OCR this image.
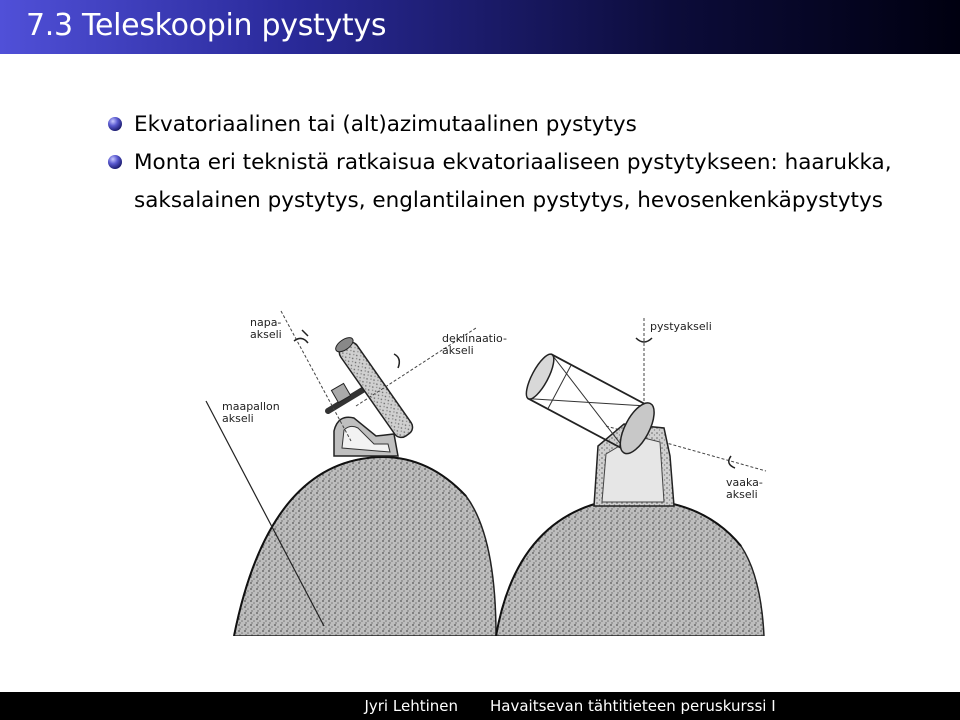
7.3 Teleskoopin pystytys
Ekvatoriaalinen tai (alt)azimutaalinen pystytys
Monta eri teknistä ratkaisua ekvatoriaaliseen pystytykseen: haarukka, saksalainen pystytys, englantilainen pystytys, hevosenkenkäpystytys
napa-
akseli	deklinaatio-
akseli
maapallon
akseli
pystyakseli
vaaka-
akseli
Jyri Lehtinen	Havaitsevan tähtitieteen peruskurssi I
